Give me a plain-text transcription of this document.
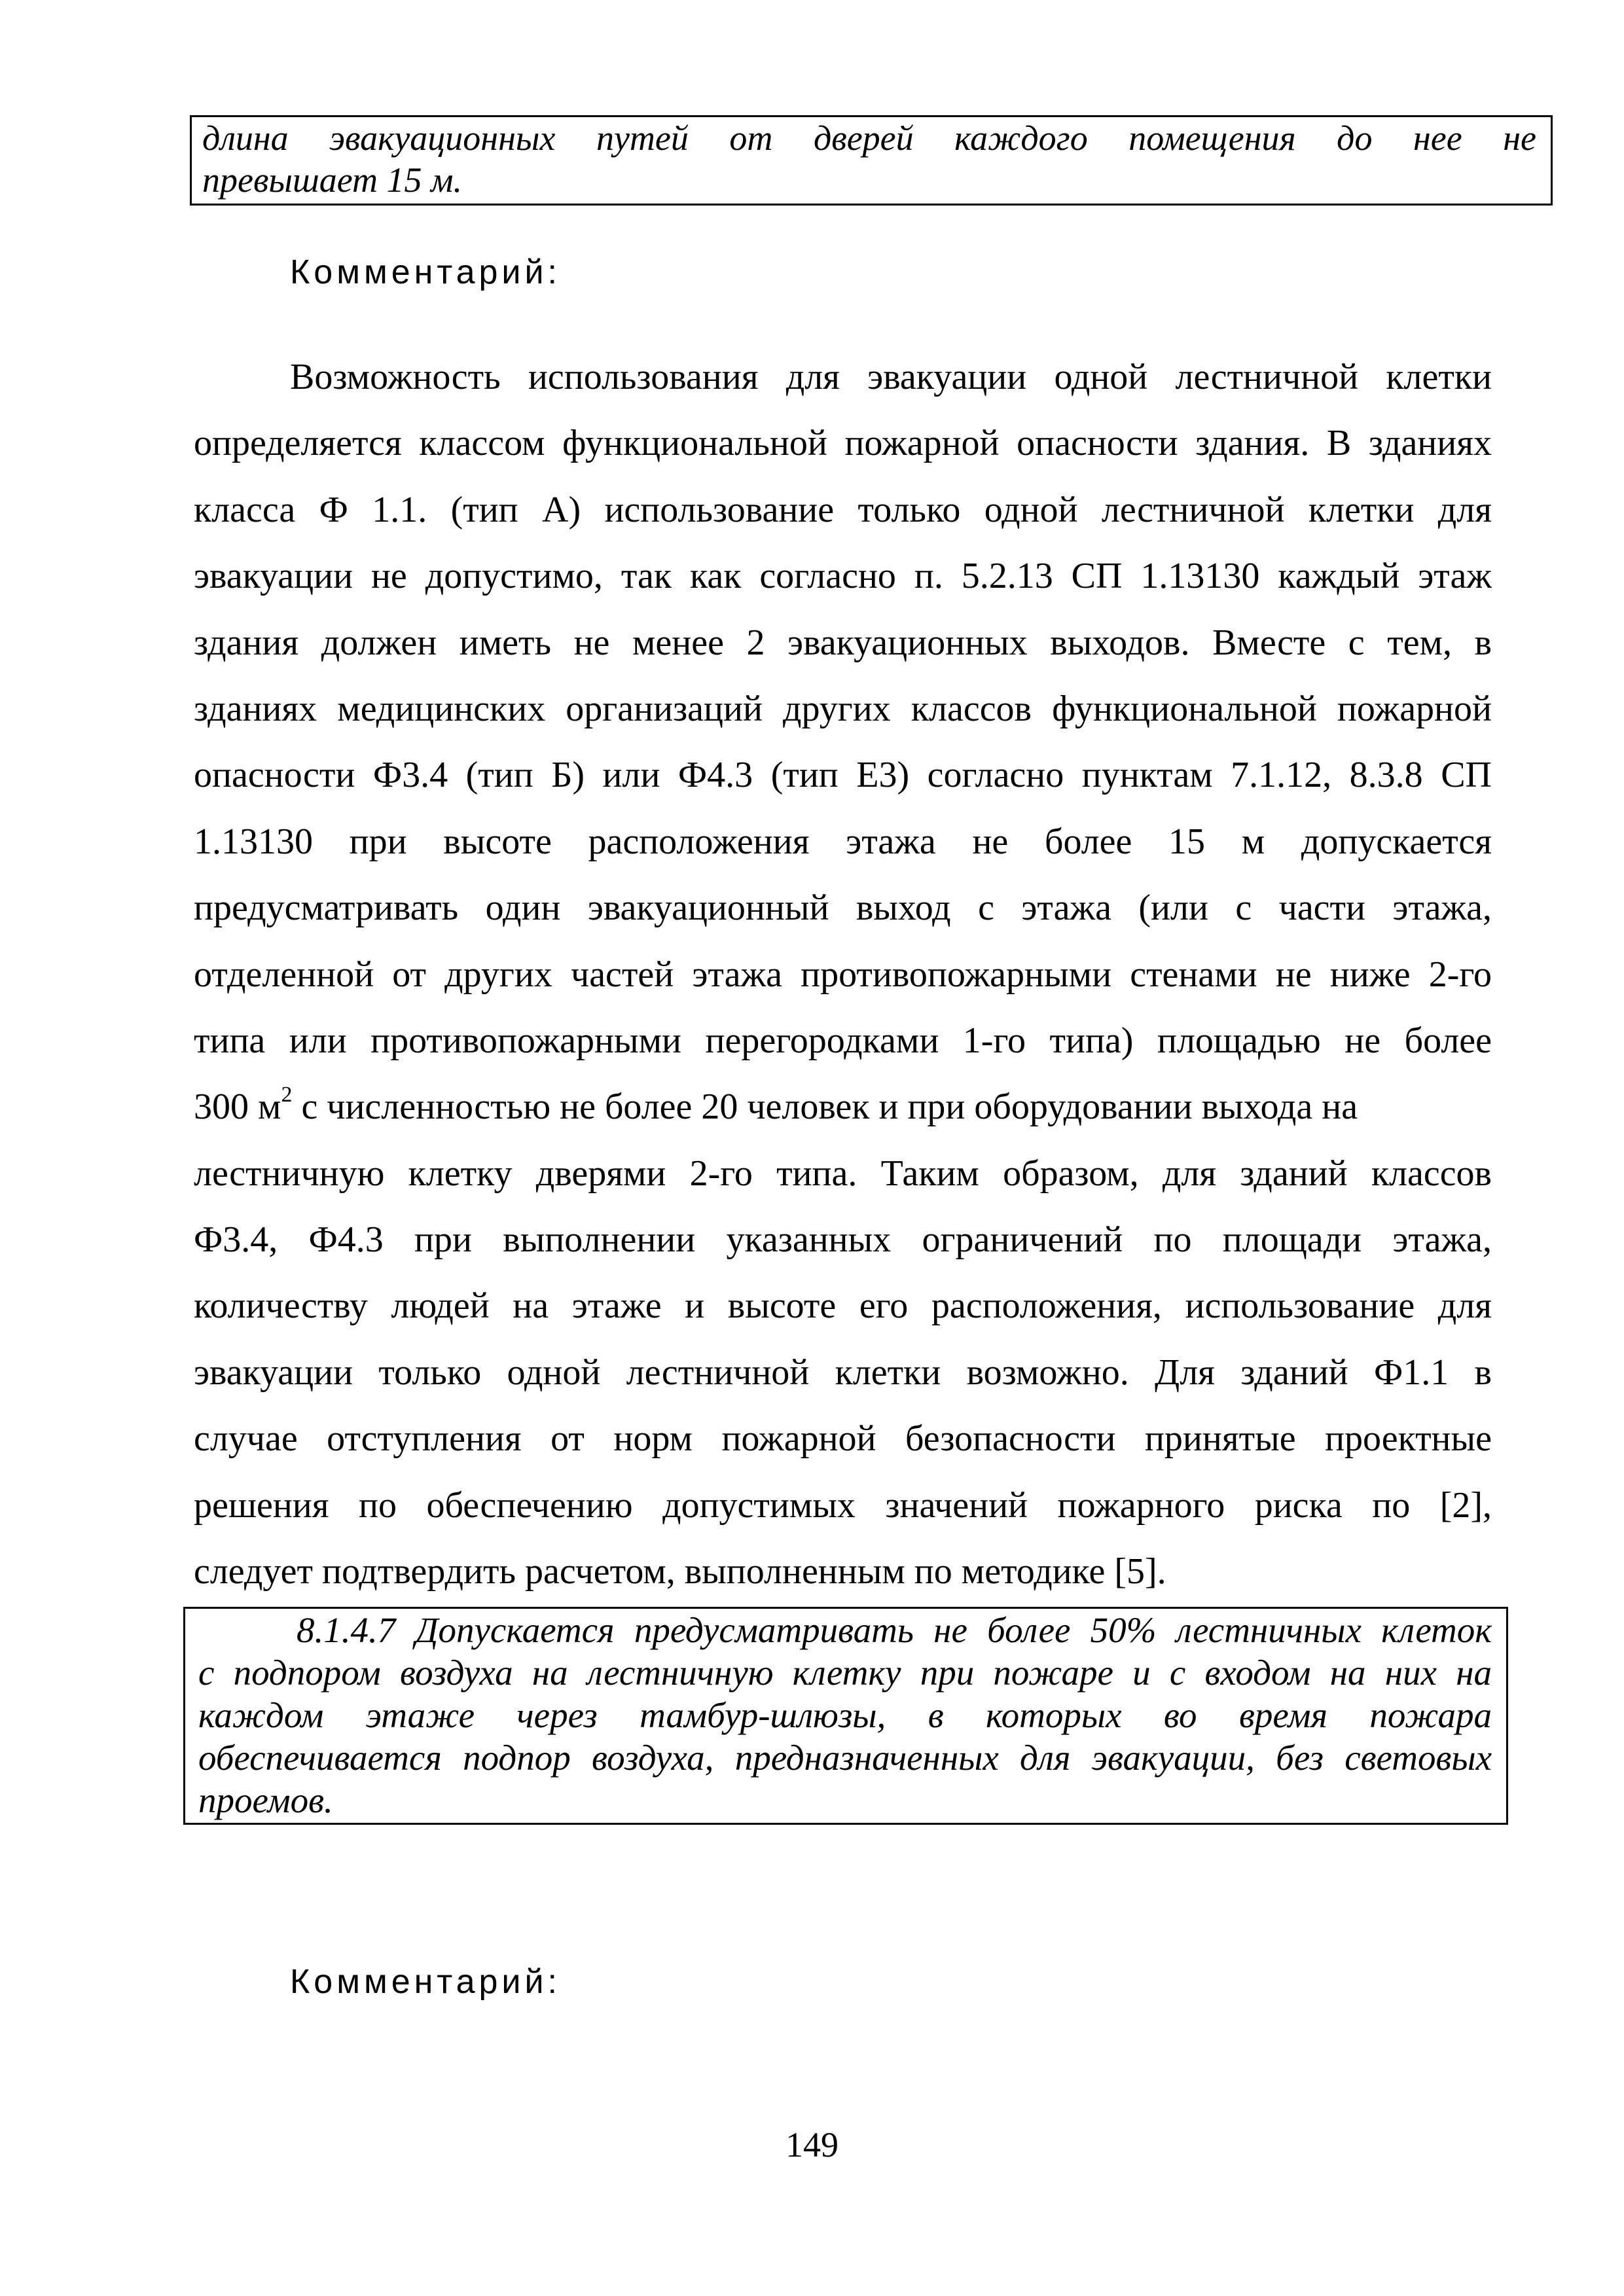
длина эвакуационных путей от дверей каждого помещения до нее не
превышает 15 м.
Комментарий:
Возможность использования для эвакуации одной лестничной клетки
определяется классом функциональной пожарной опасности здания. В зданиях
класса Ф 1.1. (тип А) использование только одной лестничной клетки для
эвакуации не допустимо, так как согласно п. 5.2.13 СП 1.13130 каждый этаж
здания должен иметь не менее 2 эвакуационных выходов. Вместе с тем, в
зданиях медицинских организаций других классов функциональной пожарной
опасности Ф3.4 (тип Б) или Ф4.3 (тип Е3) согласно пунктам 7.1.12, 8.3.8 СП
1.13130 при высоте расположения этажа не более 15 м допускается
предусматривать один эвакуационный выход с этажа (или с части этажа,
отделенной от других частей этажа противопожарными стенами не ниже 2-го
типа или противопожарными перегородками 1-го типа) площадью не более
300 $м^2$ с численностью не более 20 человек и при оборудовании выхода на
лестничную клетку дверями 2-го типа. Таким образом, для зданий классов
Ф3.4, Ф4.3 при выполнении указанных ограничений по площади этажа,
количеству людей на этаже и высоте его расположения, использование для
эвакуации только одной лестничной клетки возможно. Для зданий Ф1.1 в
случае отступления от норм пожарной безопасности принятые проектные
решения по обеспечению допустимых значений пожарного риска по [2],
следует подтвердить расчетом, выполненным по методике [5].
8.1.4.7 Допускается предусматривать не более 50% лестничных клеток
с подпором воздуха на лестничную клетку при пожаре и с входом на них на
каждом этаже через тамбур-шлюзы, в которых во время пожара
обеспечивается подпор воздуха, предназначенных для эвакуации, без световых
проемов.
Комментарий:
149
